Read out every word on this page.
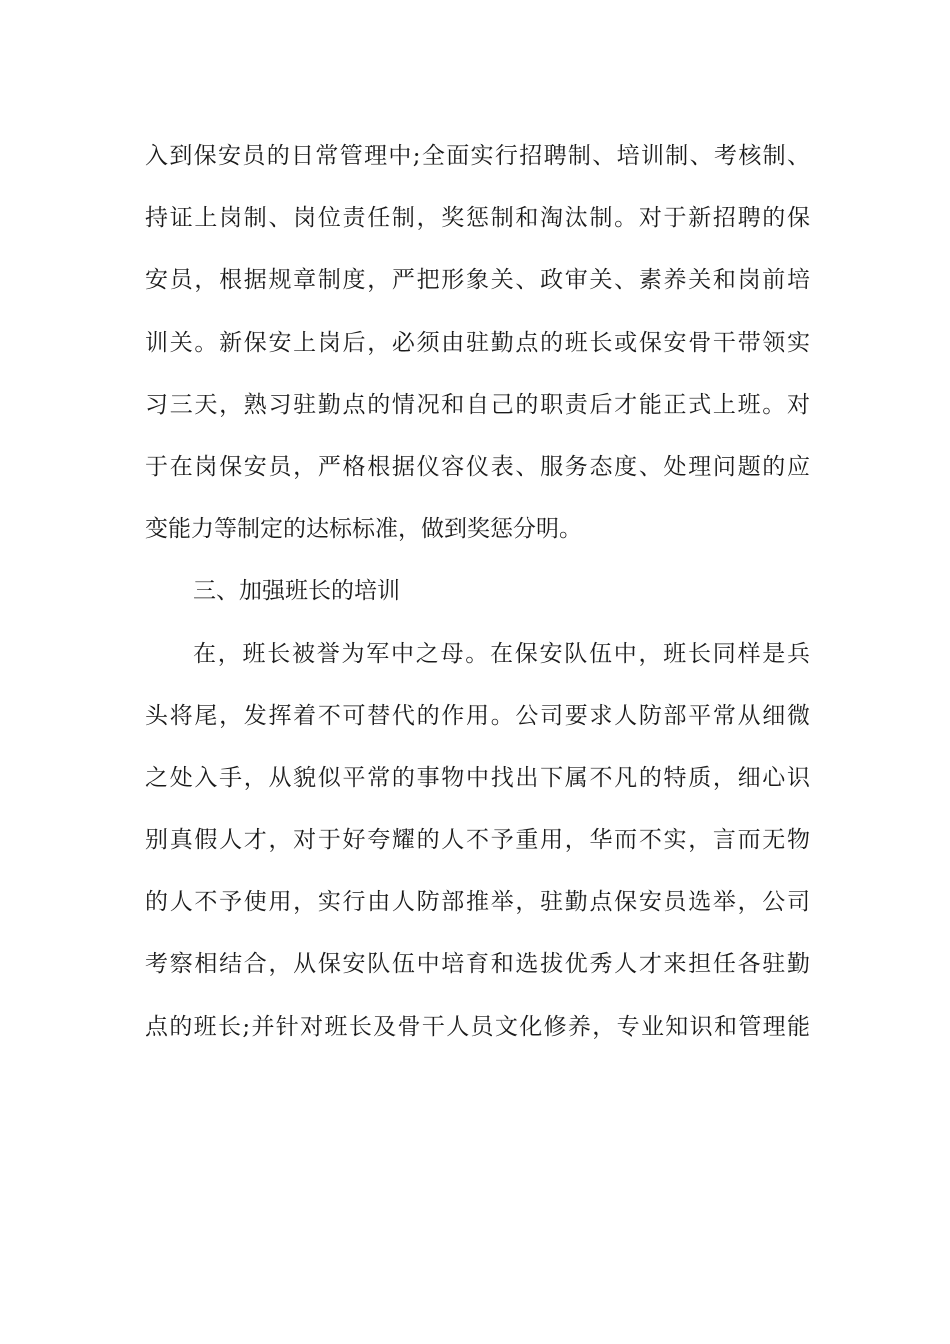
入到保安员的日常管理中;全面实行招聘制、培训制、考核制、
持证上岗制、岗位责任制，奖惩制和淘汰制。对于新招聘的保
安员，根据规章制度，严把形象关、政审关、素养关和岗前培
训关。新保安上岗后，必须由驻勤点的班长或保安骨干带领实
习三天，熟习驻勤点的情况和自己的职责后才能正式上班。对
于在岗保安员，严格根据仪容仪表、服务态度、处理问题的应
变能力等制定的达标标准，做到奖惩分明。
三、加强班长的培训
在，班长被誉为军中之母。在保安队伍中，班长同样是兵
头将尾，发挥着不可替代的作用。公司要求人防部平常从细微
之处入手，从貌似平常的事物中找出下属不凡的特质，细心识
别真假人才，对于好夸耀的人不予重用，华而不实，言而无物
的人不予使用，实行由人防部推举，驻勤点保安员选举，公司
考察相结合，从保安队伍中培育和选拔优秀人才来担任各驻勤
点的班长;并针对班长及骨干人员文化修养，专业知识和管理能
